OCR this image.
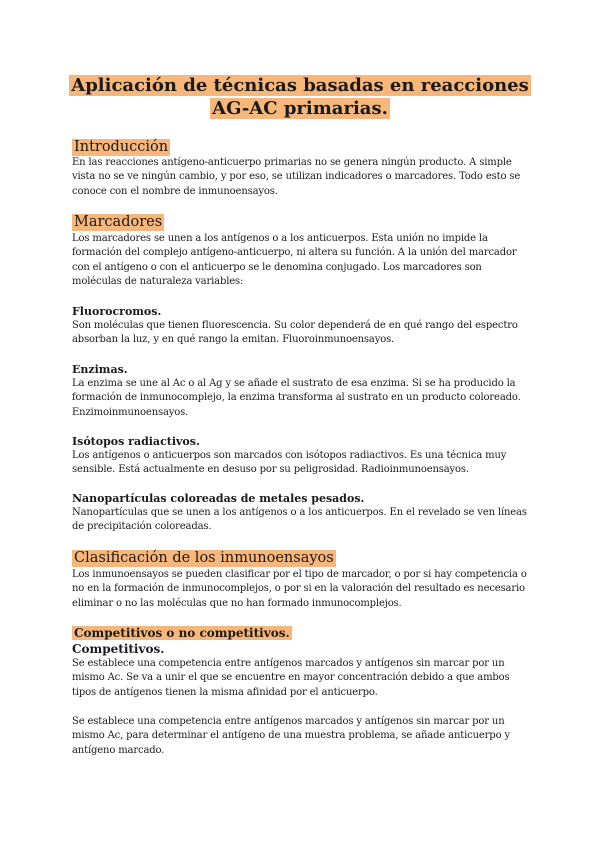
Aplicación de técnicas basadas en reacciones
AG-AC primarias.
Introducción
En las reacciones antígeno-anticuerpo primarias no se genera ningún producto. A simple vista no se ve ningún cambio, y por eso, se utilizan indicadores o marcadores. Todo esto se conoce con el nombre de inmunoensayos.
Marcadores
Los marcadores se unen a los antígenos o a los anticuerpos. Esta unión no impide la formación del complejo antígeno-anticuerpo, ni altera su función. A la unión del marcador con el antígeno o con el anticuerpo se le denomina conjugado. Los marcadores son moléculas de naturaleza variables:
Fluorocromos.
Son moléculas que tienen fluorescencia. Su color dependerá de en qué rango del espectro absorban la luz, y en qué rango la emitan. Fluoroinmunoensayos.
Enzimas.
La enzima se une al Ac o al Ag y se añade el sustrato de esa enzima. Si se ha producido la formación de inmunocomplejo, la enzima transforma al sustrato en un producto coloreado. Enzimoinmunoensayos.
Isótopos radiactivos.
Los antígenos o anticuerpos son marcados con isótopos radiactivos. Es una técnica muy sensible. Está actualmente en desuso por su peligrosidad. Radioinmunoensayos.
Nanopartículas coloreadas de metales pesados.
Nanopartículas que se unen a los antígenos o a los anticuerpos. En el revelado se ven líneas de precipitación coloreadas.
Clasificación de los inmunoensayos
Los inmunoensayos se pueden clasificar por el tipo de marcador, o por si hay competencia o no en la formación de inmunocomplejos, o por si en la valoración del resultado es necesario eliminar o no las moléculas que no han formado inmunocomplejos.
Competitivos o no competitivos.
Competitivos.
Se establece una competencia entre antígenos marcados y antígenos sin marcar por un mismo Ac. Se va a unir el que se encuentre en mayor concentración debido a que ambos tipos de antígenos tienen la misma afinidad por el anticuerpo.
Se establece una competencia entre antígenos marcados y antígenos sin marcar por un mismo Ac, para determinar el antígeno de una muestra problema, se añade anticuerpo y antígeno marcado.
